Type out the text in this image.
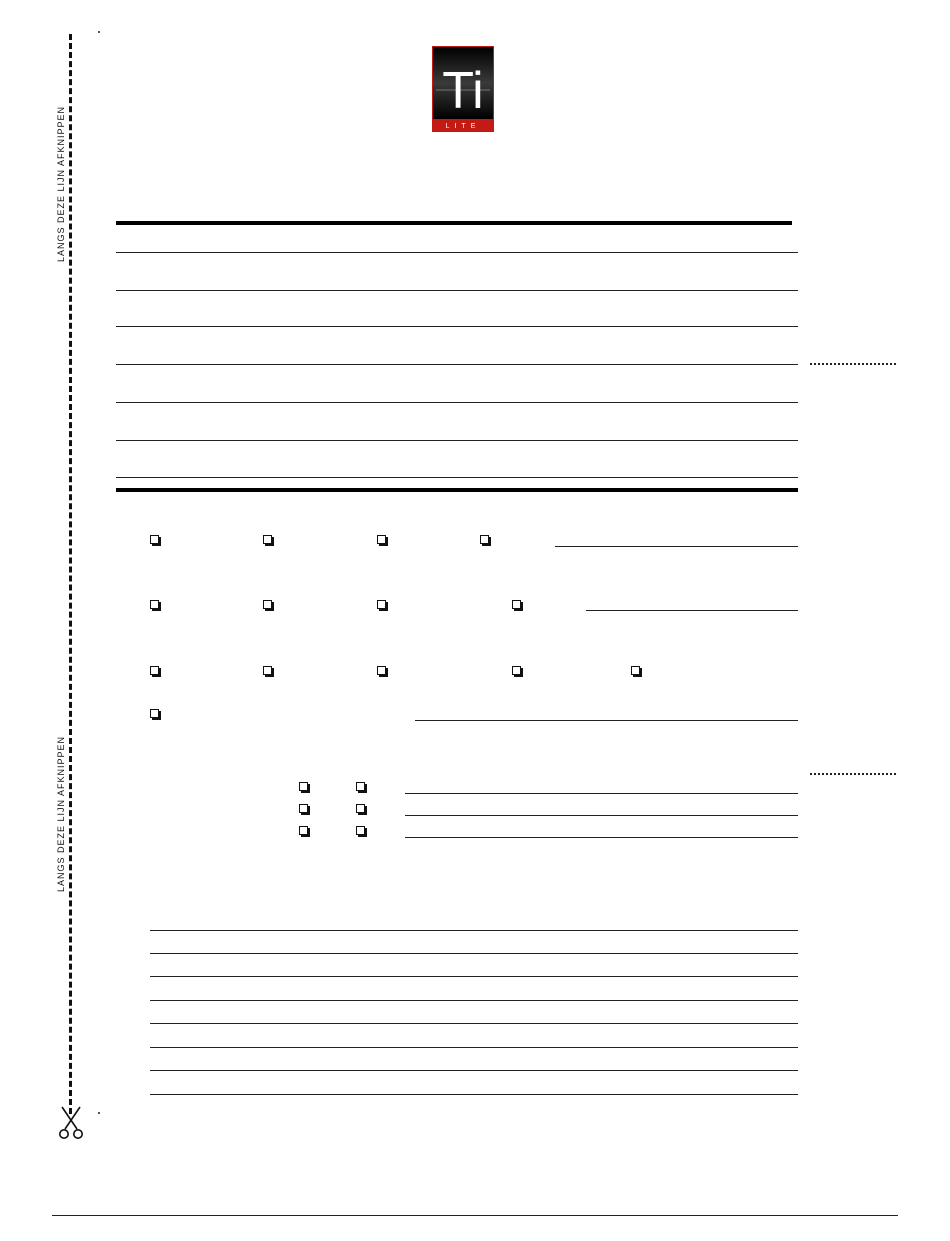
LANGS DEZE LIJN AFKNIPPEN
LANGS DEZE LIJN AFKNIPPEN
Ti
LITE
